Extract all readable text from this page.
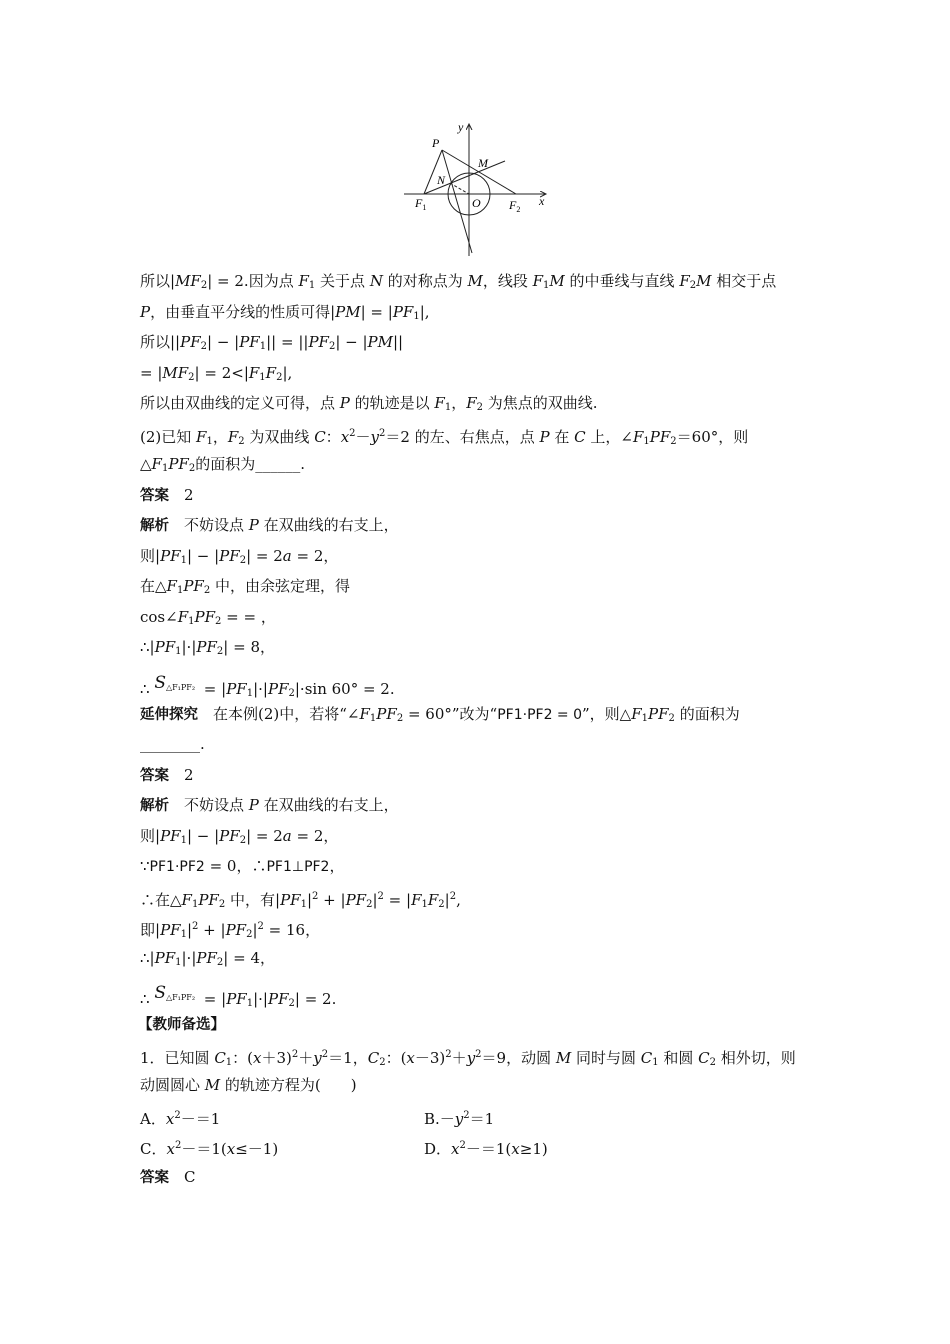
y
P
M
N
$F_1$	O $F_2$
x
所以|MF2| = 2.因为点 F1 关于点 N 的对称点为 M，线段 F1M 的中垂线与直线 F2M 相交于点
P，由垂直平分线的性质可得|PM| = |PF1|,
所以||PF2| − |PF1|| = ||PF2| − |PM||
= |MF2| = 2<|F1F2|,
所以由双曲线的定义可得，点 P 的轨迹是以 F1，F2 为焦点的双曲线.
(2)已知 F1，F2 为双曲线 C：$x^2-y^2=2$ 的左、右焦点，点 P 在 C 上，∠F1PF2＝60°，则
△F1PF2的面积为______.
答案  2
解析  不妨设点 P 在双曲线的右支上，
则|PF1| − |PF2| = 2a = 2，
在△F1PF2 中，由余弦定理，得
cos∠F1PF2 = = ，
∴|PF1|·|PF2| = 8，
∴ $S^{\triangle F_1PF_2} = |PF1|\cdot|PF2|\cdot\sin$ 60° = 2.
延伸探究  在本例(2)中，若将“∠F1PF2 = 60°”改为“PF1·PF2 = 0”，则△F1PF2 的面积为
________.
答案  2
解析  不妨设点 P 在双曲线的右支上，
则|PF1| − |PF2| = 2a = 2，
∵PF1·PF2 = 0，∴PF1⊥PF2，
∴在△F1PF2 中，有$|PF1|^2 + |PF2|^2 = |F1F2|^2$,
即$|PF1|^2 + |PF2|^2 = 16$，
∴|PF1|·|PF2| = 4，
∴ $S^{\triangle F_1PF_2} = |PF1|\cdot|PF2| = 2$.
【教师备选】
1．已知圆 C1：$(x+3)^2+y^2=1$，C2：$(x-3)^2+y^2=9$，动圆 M 同时与圆 C1 和圆 C2 相外切，则
动圆圆心 M 的轨迹方程为(　　)
A．$x^2-=1$	$B.-y^2=1$
C．$x^2-=1(x\le-1)$	D．$x^2-=1(x\ge 1)$
答案  C
